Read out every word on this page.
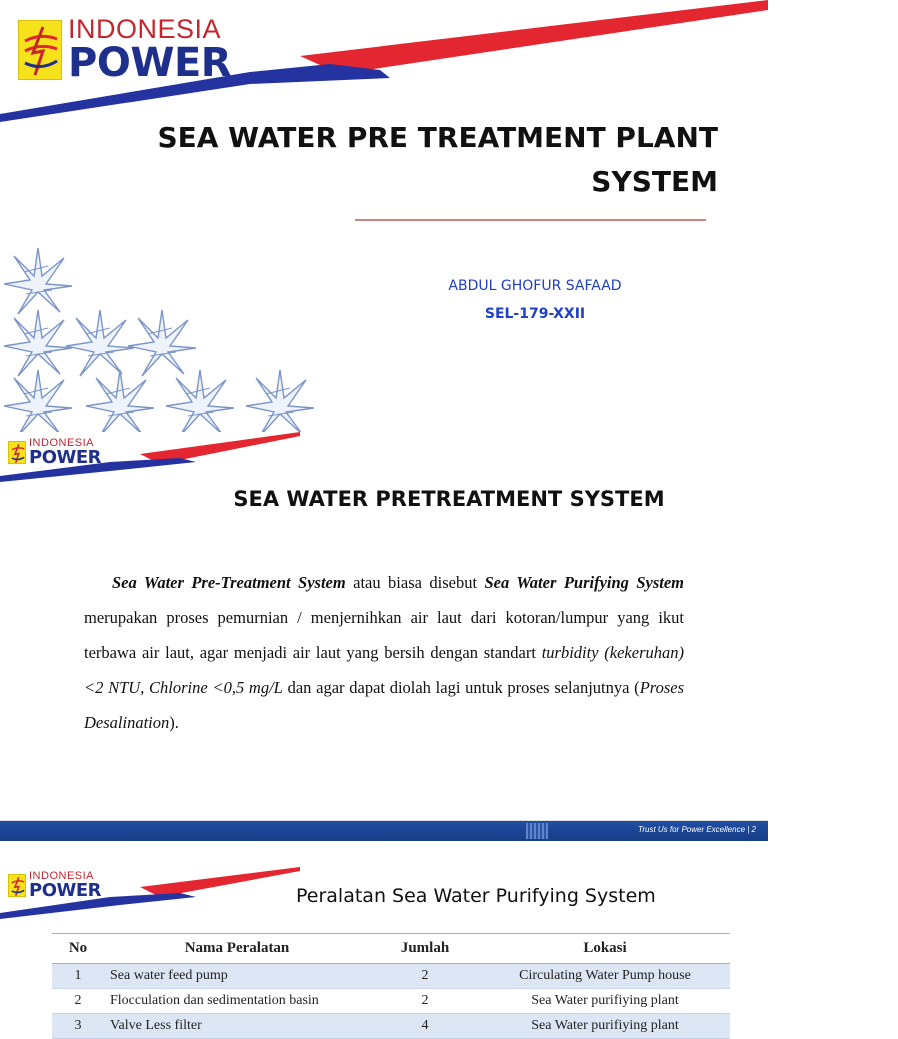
INDONESIA
POWER
SEA WATER PRE TREATMENT PLANT
SYSTEM
ABDUL GHOFUR SAFAAD
SEL-179-XXII
INDONESIA
POWER
SEA WATER PRETREATMENT SYSTEM

Sea Water Pre-Treatment System atau biasa disebut Sea Water Purifying System merupakan proses pemurnian / menjernihkan air laut dari kotoran/lumpur yang ikut terbawa air laut, agar menjadi air laut yang bersih dengan standart turbidity (kekeruhan) <2 NTU, Chlorine <0,5 mg/L dan agar dapat diolah lagi untuk proses selanjutnya (Proses Desalination).

Trust Us for Power Excellence | 2
INDONESIA
POWER	Peralatan Sea Water Purifying System
No	Nama Peralatan	Jumlah	Lokasi
1	Sea water feed pump	2	Circulating Water Pump house
2	Flocculation dan sedimentation basin	2	Sea Water purifiying plant
3	Valve Less filter	4	Sea Water purifiying plant
